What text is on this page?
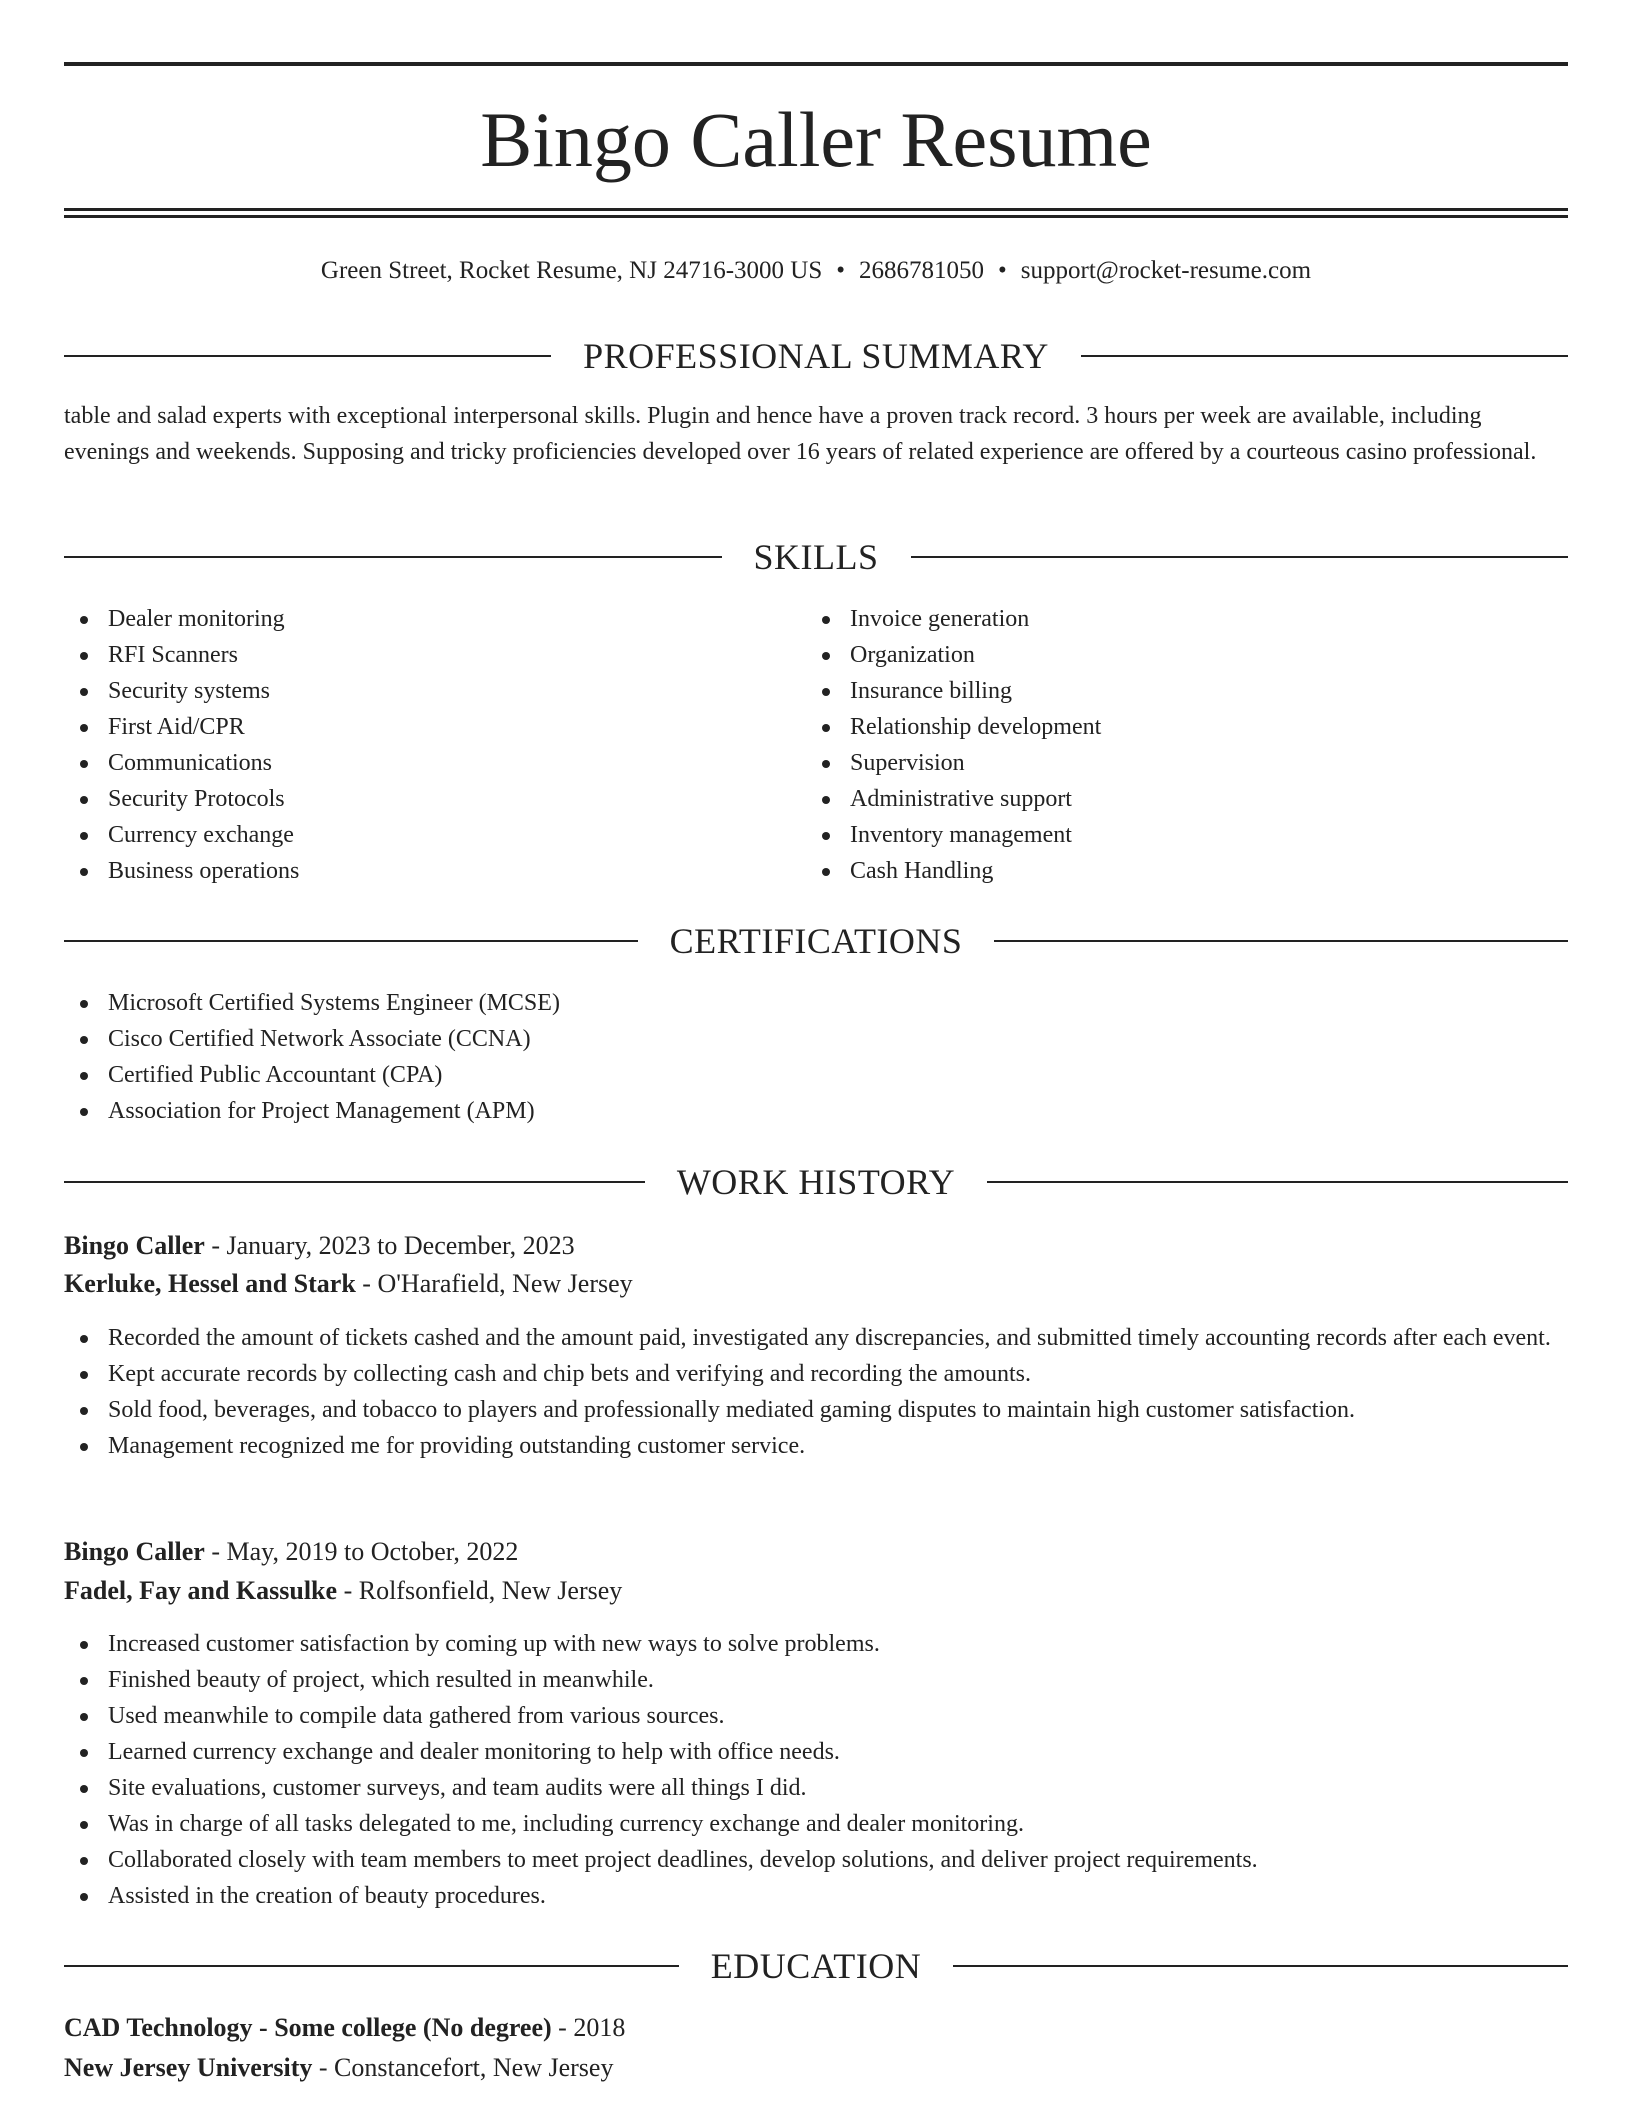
Bingo Caller Resume
Green Street, Rocket Resume, NJ 24716-3000 US • 2686781050 • support@rocket-resume.com
PROFESSIONAL SUMMARY

table and salad experts with exceptional interpersonal skills. Plugin and hence have a proven track record. 3 hours per week are available, including evenings and weekends. Supposing and tricky proficiencies developed over 16 years of related experience are offered by a courteous casino professional.

SKILLS
Dealer monitoring
RFI Scanners
Security systems
First Aid/CPR
Communications
Security Protocols
Currency exchange
Business operations
Invoice generation
Organization
Insurance billing
Relationship development
Supervision
Administrative support
Inventory management
Cash Handling
CERTIFICATIONS
Microsoft Certified Systems Engineer (MCSE)
Cisco Certified Network Associate (CCNA)
Certified Public Accountant (CPA)
Association for Project Management (APM)
WORK HISTORY
Bingo Caller - January, 2023 to December, 2023
Kerluke, Hessel and Stark - O'Harafield, New Jersey
Recorded the amount of tickets cashed and the amount paid, investigated any discrepancies, and submitted timely accounting records after each event.
Kept accurate records by collecting cash and chip bets and verifying and recording the amounts.
Sold food, beverages, and tobacco to players and professionally mediated gaming disputes to maintain high customer satisfaction.
Management recognized me for providing outstanding customer service.
Bingo Caller - May, 2019 to October, 2022
Fadel, Fay and Kassulke - Rolfsonfield, New Jersey
Increased customer satisfaction by coming up with new ways to solve problems.
Finished beauty of project, which resulted in meanwhile.
Used meanwhile to compile data gathered from various sources.
Learned currency exchange and dealer monitoring to help with office needs.
Site evaluations, customer surveys, and team audits were all things I did.
Was in charge of all tasks delegated to me, including currency exchange and dealer monitoring.
Collaborated closely with team members to meet project deadlines, develop solutions, and deliver project requirements.
Assisted in the creation of beauty procedures.
EDUCATION
CAD Technology - Some college (No degree) - 2018
New Jersey University - Constancefort, New Jersey
